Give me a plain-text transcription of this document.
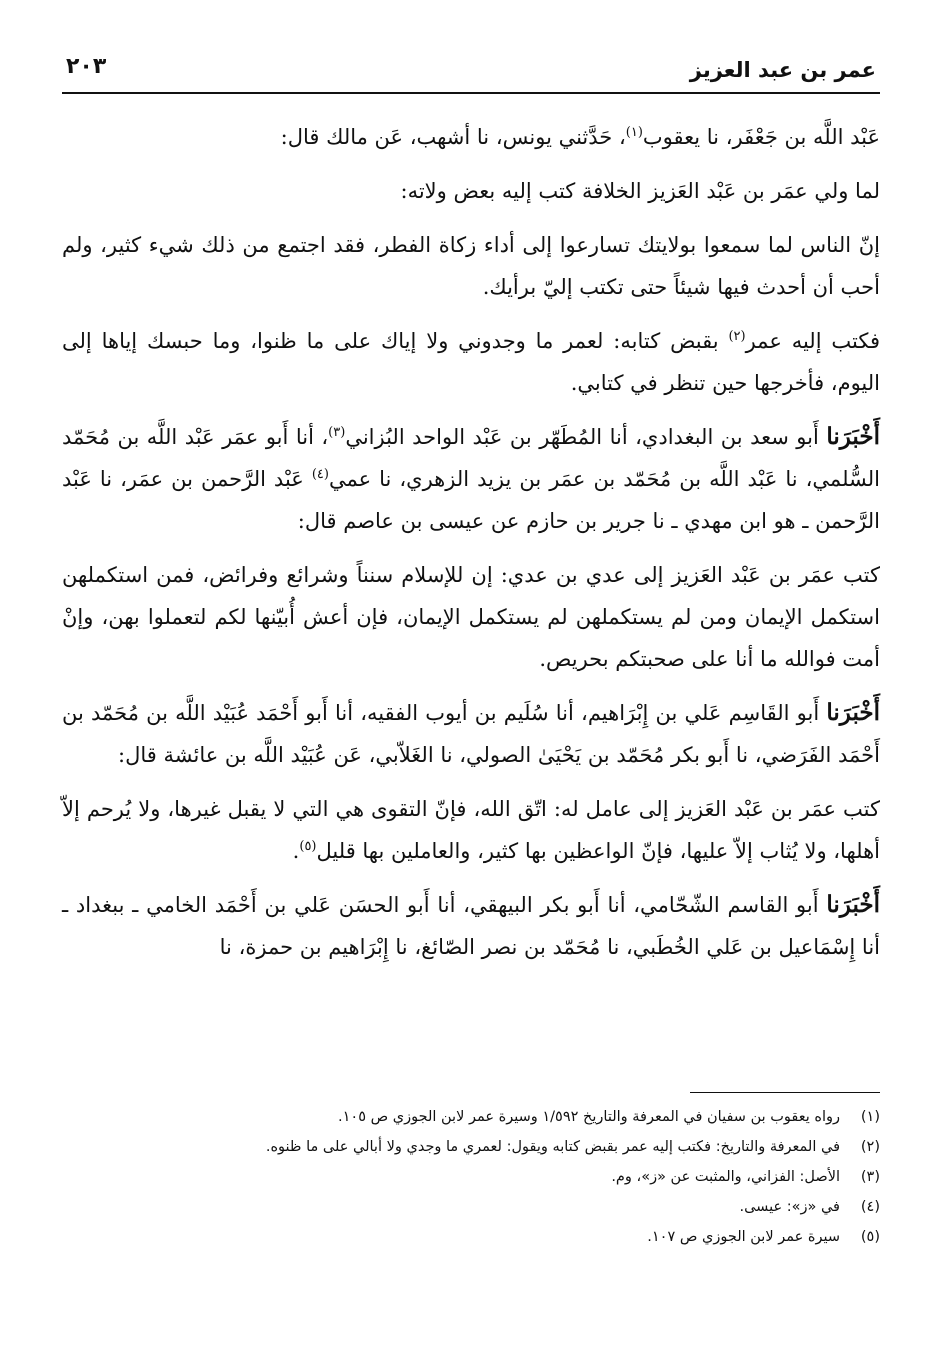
عمر بن عبد العزيز
٢٠٣

عَبْد اللَّه بن جَعْفَر، نا يعقوب$^{(١)}$، حَدَّثني يونس، نا أشهب، عَن مالك قال:

لما ولي عمَر بن عَبْد العَزيز الخلافة كتب إليه بعض ولاته:

إنّ الناس لما سمعوا بولايتك تسارعوا إلى أداء زكاة الفطر، فقد اجتمع من ذلك شيء كثير، ولم أحب أن أحدث فيها شيئاً حتى تكتب إليّ برأيك.

فكتب إليه عمر$^{(٢)}$ بقبض كتابه: لعمر ما وجدوني ولا إياك على ما ظنوا، وما حبسك إياها إلى اليوم، فأخرجها حين تنظر في كتابي.

أَخْبَرَنا أَبو سعد بن البغدادي، أنا المُطَهّر بن عَبْد الواحد البُزاني$^{(٣)}$، أنا أَبو عمَر عَبْد اللَّه بن مُحَمّد السُّلمي، نا عَبْد اللَّه بن مُحَمّد بن عمَر بن يزيد الزهري، نا عمي$^{(٤)}$ عَبْد الرَّحمن بن عمَر، نا عَبْد الرَّحمن ـ هو ابن مهدي ـ نا جرير بن حازم عن عيسى بن عاصم قال:

كتب عمَر بن عَبْد العَزيز إلى عدي بن عدي: إن للإسلام سنناً وشرائع وفرائض، فمن استكملهن استكمل الإيمان ومن لم يستكملهن لم يستكمل الإيمان، فإن أعش أُبيّنها لكم لتعملوا بهن، وإنْ أمت فوالله ما أنا على صحبتكم بحريص.

أَخْبَرَنا أَبو القَاسِم عَلي بن إِبْرَاهيم، أنا سُلَيم بن أيوب الفقيه، أنا أَبو أَحْمَد عُبَيْد اللَّه بن مُحَمّد بن أَحْمَد الفَرَضي، نا أَبو بكر مُحَمّد بن يَحْيَىٰ الصولي، نا الغَلاّبي، عَن عُبَيْد اللَّه بن عائشة قال:

كتب عمَر بن عَبْد العَزيز إلى عامل له: اتّق الله، فإنّ التقوى هي التي لا يقبل غيرها، ولا يُرحم إلاّ أهلها، ولا يُثاب إلاّ عليها، فإنّ الواعظين بها كثير، والعاملين بها قليل$^{(٥)}$.

أَخْبَرَنا أَبو القاسم الشّحّامي، أنا أَبو بكر البيهقي، أنا أَبو الحسَن عَلي بن أَحْمَد الخامي ـ ببغداد ـ أنا إِسْمَاعيل بن عَلي الخُطَبي، نا مُحَمّد بن نصر الصّائغ، نا إِبْرَاهيم بن حمزة، نا

(١)
رواه يعقوب بن سفيان في المعرفة والتاريخ ١/٥٩٢ وسيرة عمر لابن الجوزي ص ١٠٥.
(٢)
في المعرفة والتاريخ: فكتب إليه عمر بقبض كتابه ويقول: لعمري ما وجدي ولا أبالي على ما ظنوه.
(٣)
الأصل: الفزاني، والمثبت عن «ز»، وم.
(٤)
في «ز»: عيسى.
(٥)
سيرة عمر لابن الجوزي ص ١٠٧.
